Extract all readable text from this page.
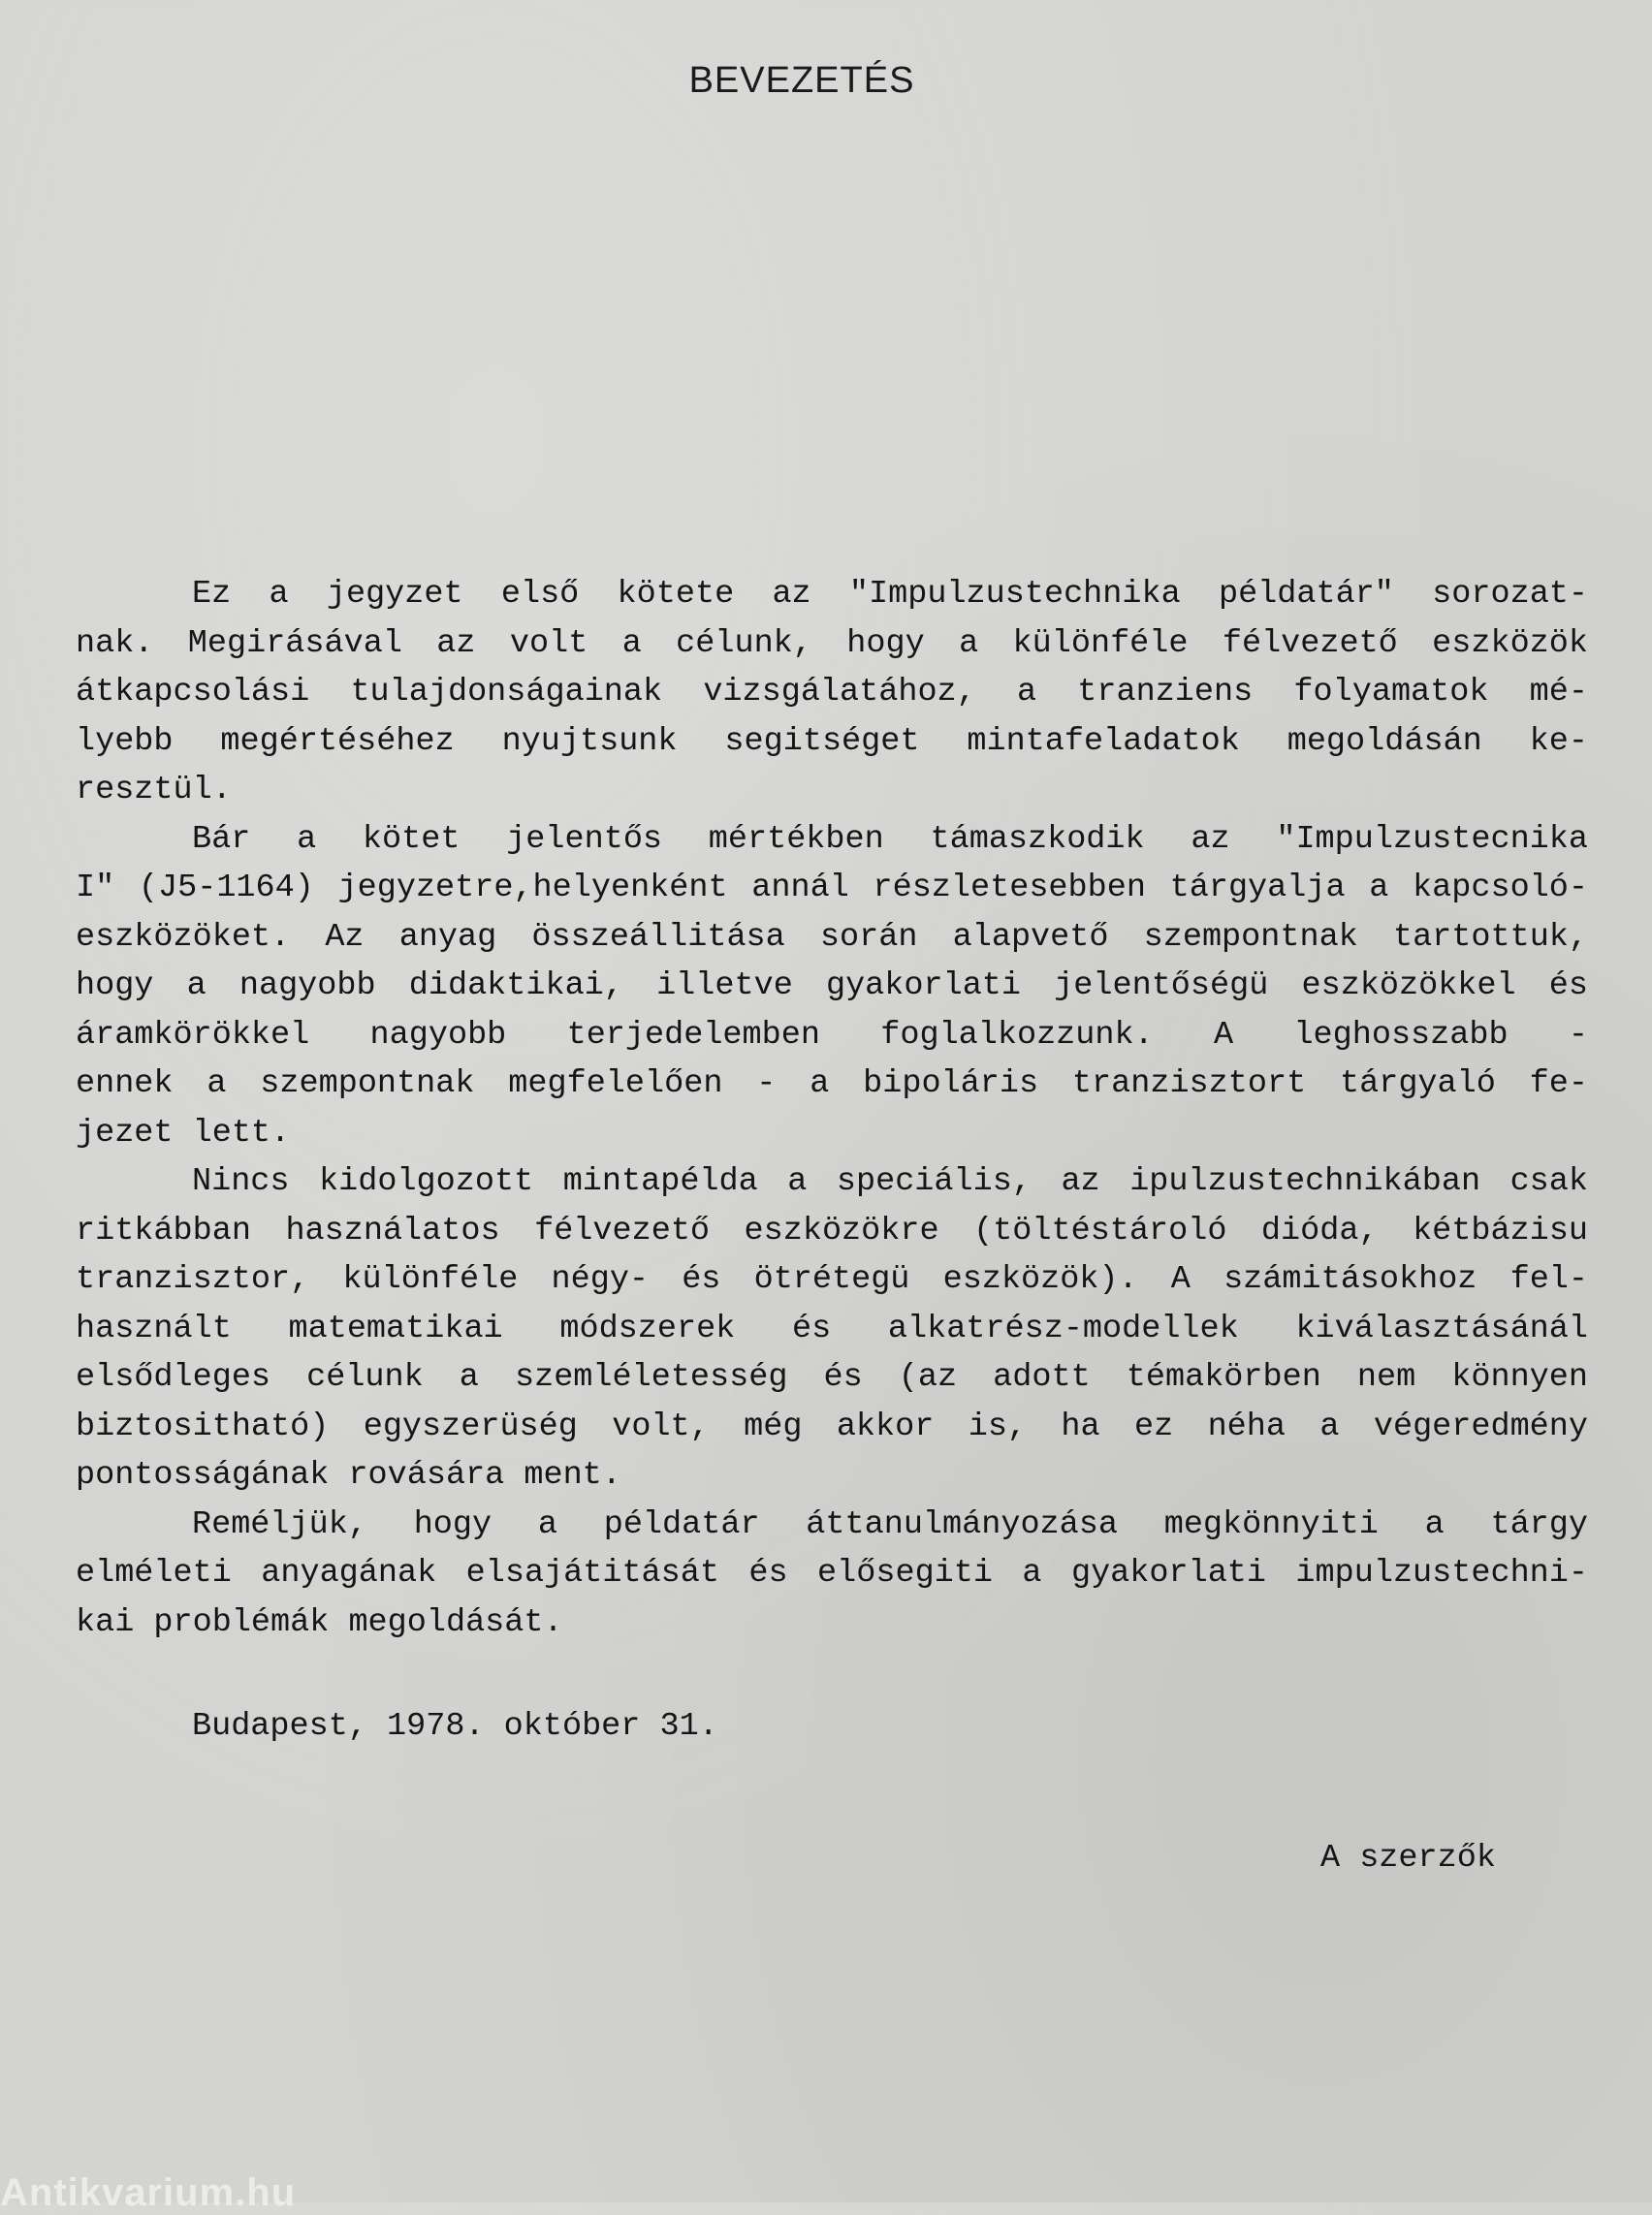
BEVEZETÉS
Ez a jegyzet első kötete az "Impulzustechnika példatár" sorozat-
nak. Megirásával az volt a célunk, hogy a különféle félvezető eszközök
átkapcsolási tulajdonságainak vizsgálatához, a tranziens folyamatok mé-
lyebb megértéséhez nyujtsunk segitséget mintafeladatok megoldásán ke-
resztül.
Bár a kötet jelentős mértékben támaszkodik az "Impulzustecnika
I" (J5-1164) jegyzetre,helyenként annál részletesebben tárgyalja a kapcsoló-
eszközöket. Az anyag összeállitása során alapvető szempontnak tartottuk,
hogy a nagyobb didaktikai, illetve gyakorlati jelentőségü eszközökkel és
áramkörökkel nagyobb terjedelemben foglalkozzunk. A leghosszabb -
ennek a szempontnak megfelelően - a bipoláris tranzisztort tárgyaló fe-
jezet lett.
Nincs kidolgozott mintapélda a speciális, az ipulzustechnikában csak
ritkábban használatos félvezető eszközökre (töltéstároló dióda, kétbázisu
tranzisztor, különféle négy- és ötrétegü eszközök). A számitásokhoz fel-
használt matematikai módszerek és alkatrész-modellek kiválasztásánál
elsődleges célunk a szemléletesség és (az adott témakörben nem könnyen
biztositható) egyszerüség volt, még akkor is, ha ez néha a végeredmény
pontosságának rovására ment.
Reméljük, hogy a példatár áttanulmányozása megkönnyiti a tárgy
elméleti anyagának elsajátitását és elősegiti a gyakorlati impulzustechni-
kai problémák megoldását.
Budapest, 1978. október 31.
A szerzők
Antikvarium.hu
